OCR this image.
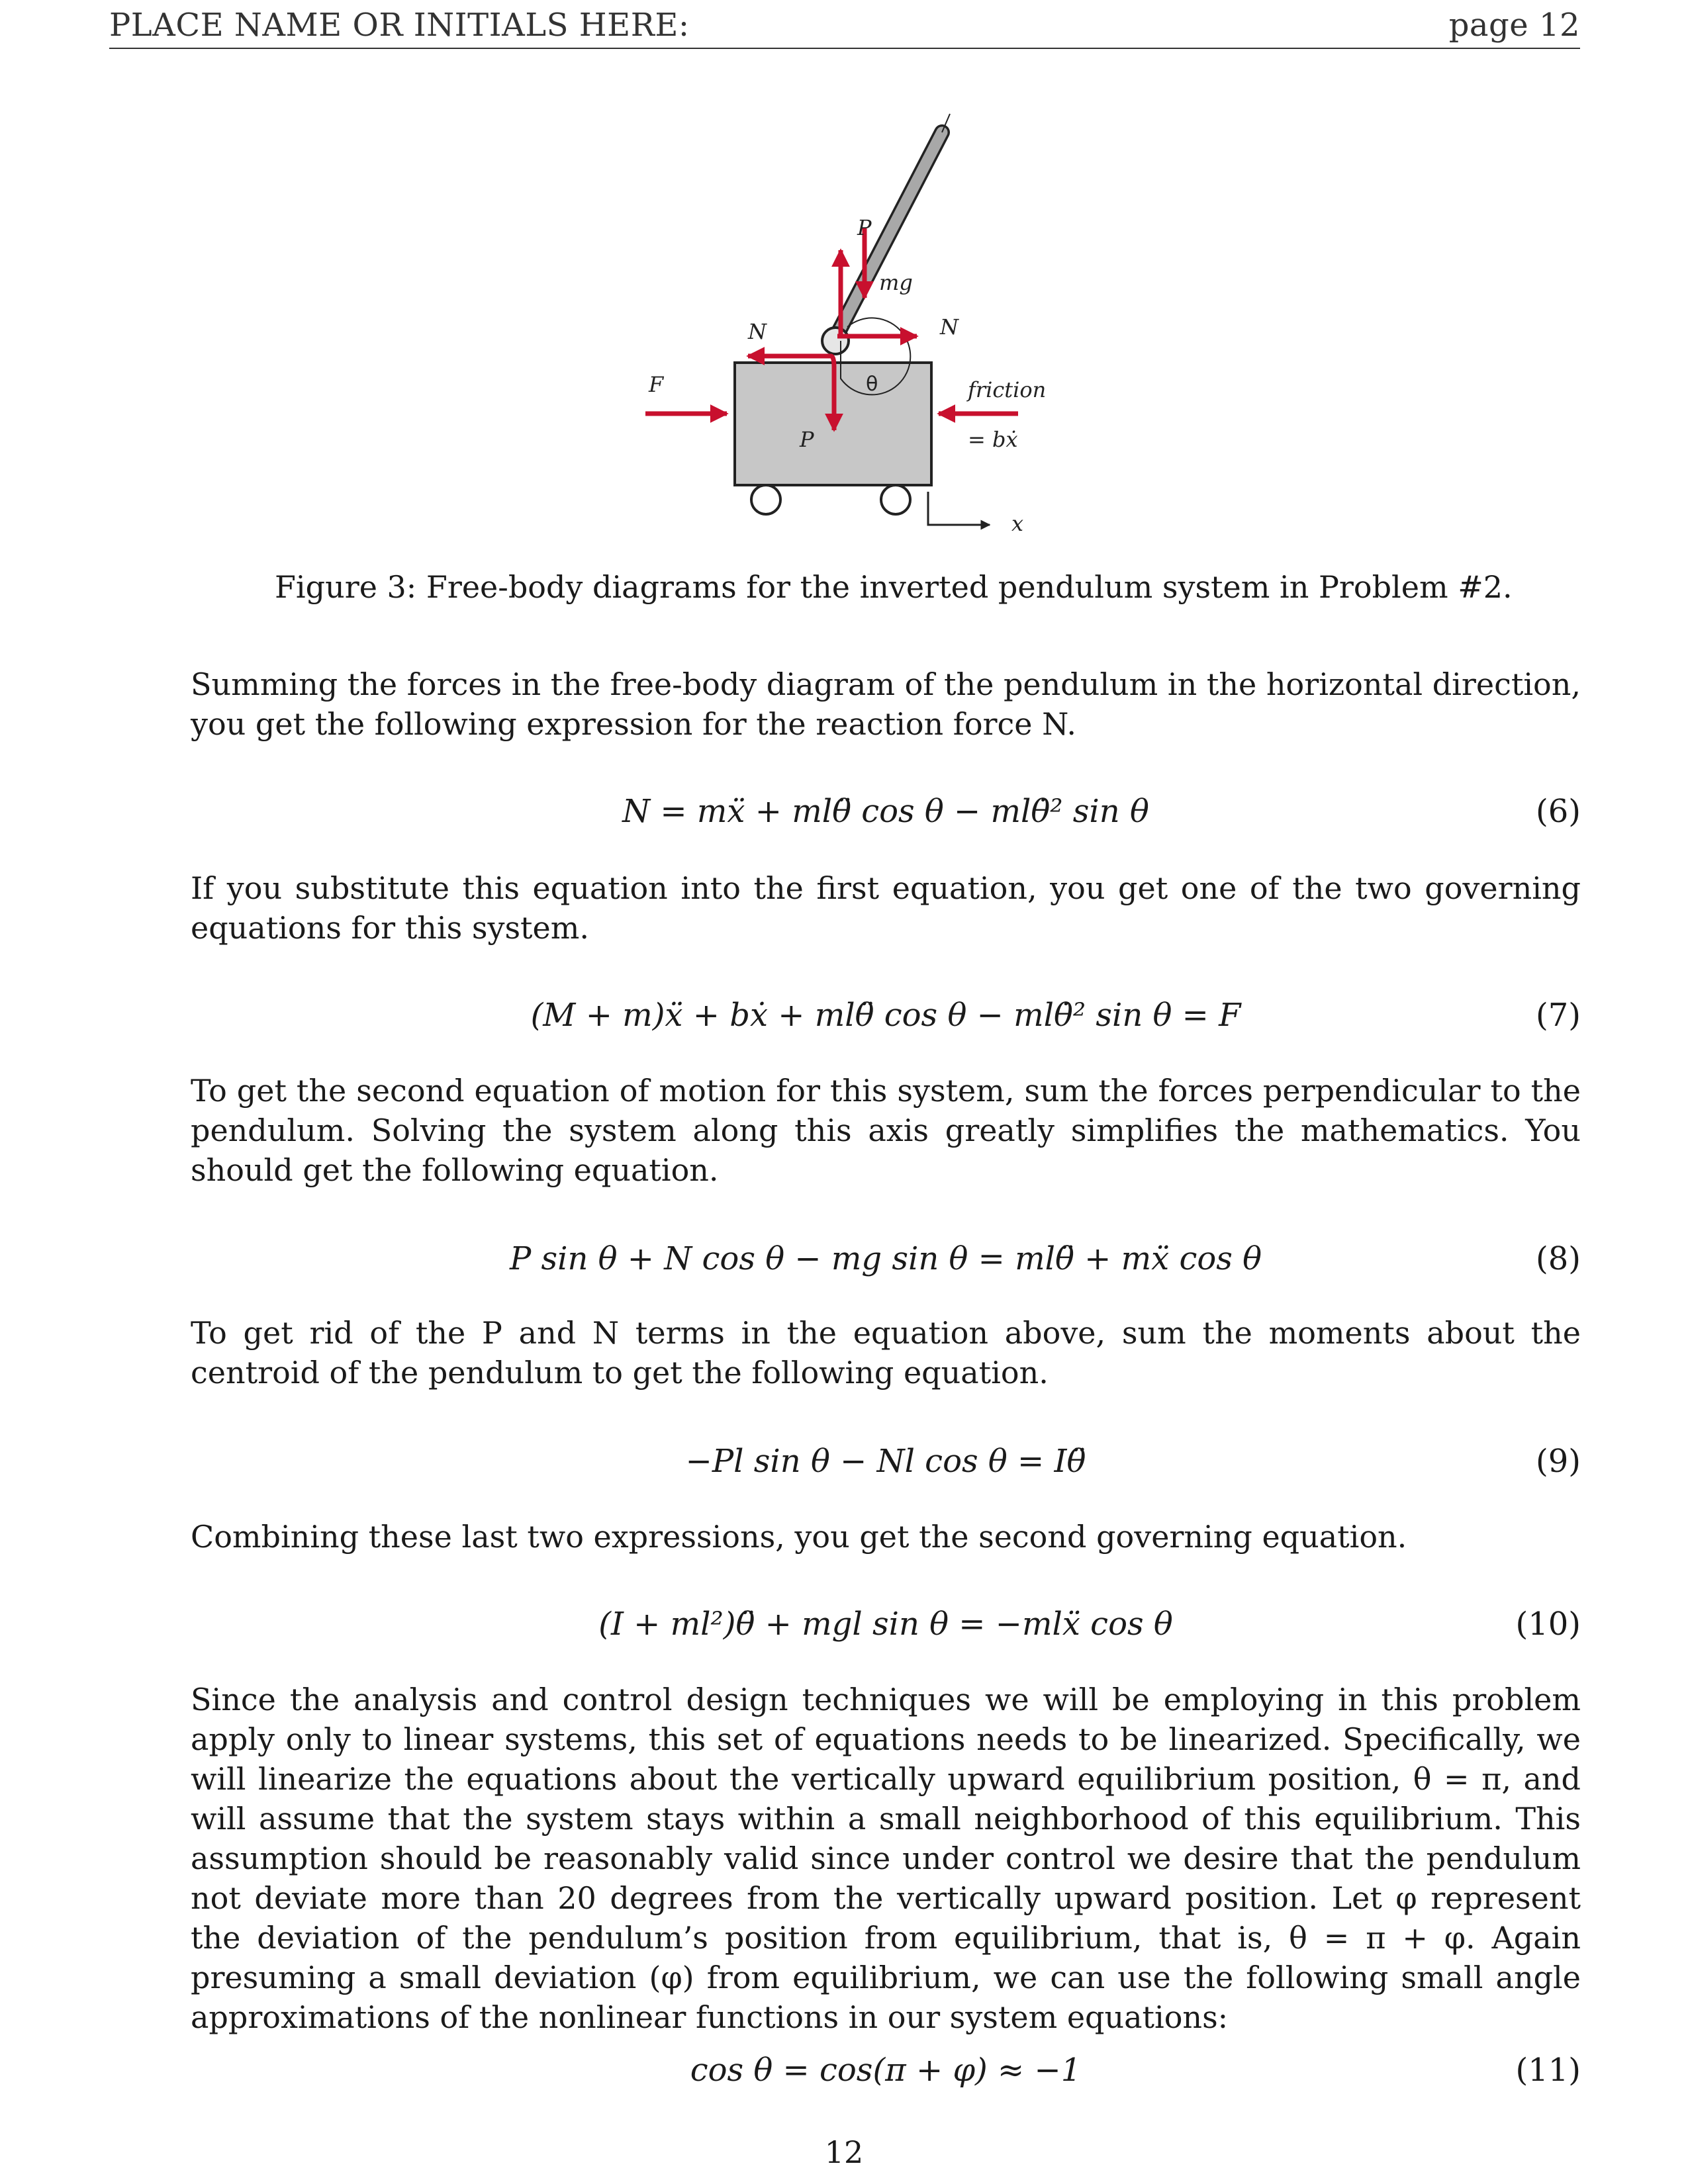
PLACE NAME OR INITIALS HERE:	page 12
P
mg
N	N
F	θ	friction
= bẋ
P
x
Figure 3: Free-body diagrams for the inverted pendulum system in Problem #2.
Summing the forces in the free-body diagram of the pendulum in the horizontal direction, you get the following expression for the reaction force N.
N = mẍ + mlθ̈ cos θ − mlθ̇² sin θ	(6)
If you substitute this equation into the first equation, you get one of the two governing equations for this system.
(M + m)ẍ + bẋ + mlθ̈ cos θ − mlθ̇² sin θ = F	(7)
To get the second equation of motion for this system, sum the forces perpendicular to the pendulum. Solving the system along this axis greatly simplifies the mathematics. You should get the following equation.
P sin θ + N cos θ − mg sin θ = mlθ̈ + mẍ cos θ	(8)
To get rid of the P and N terms in the equation above, sum the moments about the centroid of the pendulum to get the following equation.
−Pl sin θ − Nl cos θ = Iθ̈	(9)
Combining these last two expressions, you get the second governing equation.
(I + ml²)θ̈ + mgl sin θ = −mlẍ cos θ	(10)
Since the analysis and control design techniques we will be employing in this problem apply only to linear systems, this set of equations needs to be linearized. Specifically, we will linearize the equations about the vertically upward equilibrium position, θ = π, and will assume that the system stays within a small neighborhood of this equilibrium. This assumption should be reasonably valid since under control we desire that the pendulum not deviate more than 20 degrees from the vertically upward position. Let φ represent the deviation of the pendulum’s position from equilibrium, that is, θ = π + φ. Again presuming a small deviation (φ) from equilibrium, we can use the following small angle approximations of the nonlinear functions in our system equations:
cos θ = cos(π + φ) ≈ −1	(11)
12
